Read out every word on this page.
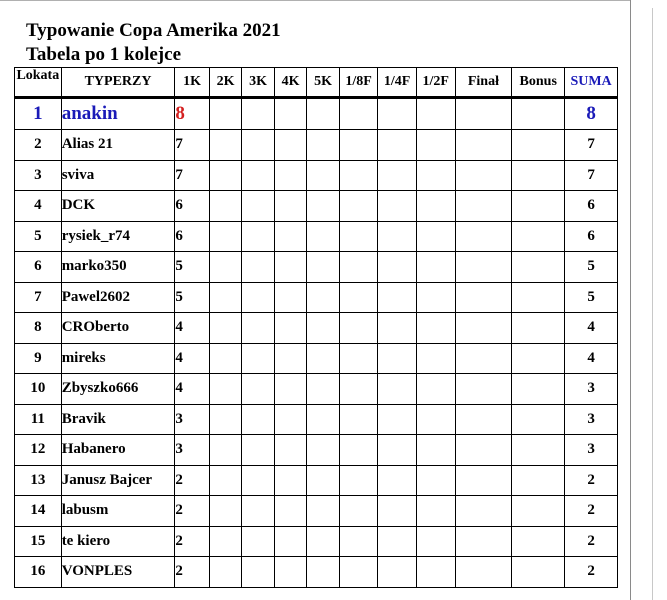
Typowanie Copa Amerika 2021
Tabela po 1 kolejce
Lokata	TYPERZY	1K	2K	3K	4K	5K	1/8F	1/4F	1/2F	Finał	Bonus	SUMA
1	anakin	8										8
2	Alias 21	7										7
3	sviva	7										7
4	DCK	6										6
5	rysiek_r74	6										6
6	marko350	5										5
7	Pawel2602	5										5
8	CROberto	4										4
9	mireks	4										4
10	Zbyszko666	4										3
11	Bravik	3										3
12	Habanero	3										3
13	Janusz Bajcer	2										2
14	labusm	2										2
15	te kiero	2										2
16	VONPLES	2										2
